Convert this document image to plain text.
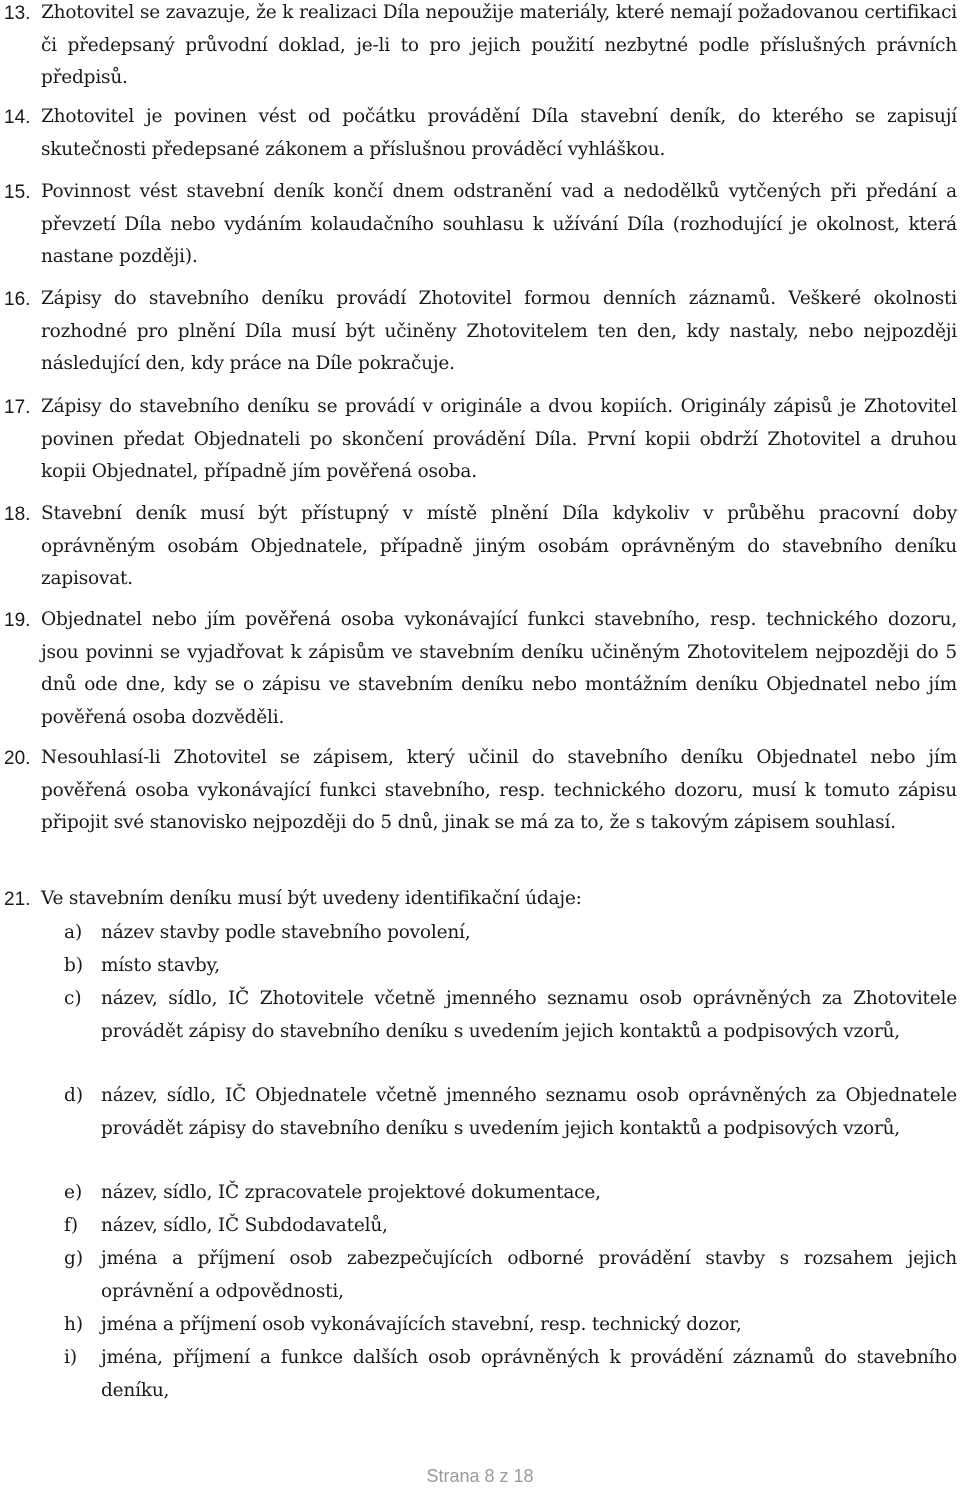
13. Zhotovitel se zavazuje, že k realizaci Díla nepoužije materiály, které nemají požadovanou certifikaci či předepsaný průvodní doklad, je-li to pro jejich použití nezbytné podle příslušných právních předpisů.
14. Zhotovitel je povinen vést od počátku provádění Díla stavební deník, do kterého se zapisují skutečnosti předepsané zákonem a příslušnou prováděcí vyhláškou.
15. Povinnost vést stavební deník končí dnem odstranění vad a nedodělků vytčených při předání a převzetí Díla nebo vydáním kolaudačního souhlasu k užívání Díla (rozhodující je okolnost, která nastane později).
16. Zápisy do stavebního deníku provádí Zhotovitel formou denních záznamů. Veškeré okolnosti rozhodné pro plnění Díla musí být učiněny Zhotovitelem ten den, kdy nastaly, nebo nejpozději následující den, kdy práce na Díle pokračuje.
17. Zápisy do stavebního deníku se provádí v originále a dvou kopiích. Originály zápisů je Zhotovitel povinen předat Objednateli po skončení provádění Díla. První kopii obdrží Zhotovitel a druhou kopii Objednatel, případně jím pověřená osoba.
18. Stavební deník musí být přístupný v místě plnění Díla kdykoliv v průběhu pracovní doby oprávněným osobám Objednatele, případně jiným osobám oprávněným do stavebního deníku zapisovat.
19. Objednatel nebo jím pověřená osoba vykonávající funkci stavebního, resp. technického dozoru, jsou povinni se vyjadřovat k zápisům ve stavebním deníku učiněným Zhotovitelem nejpozději do 5 dnů ode dne, kdy se o zápisu ve stavebním deníku nebo montážním deníku Objednatel nebo jím pověřená osoba dozvěděli.
20. Nesouhlasí-li Zhotovitel se zápisem, který učinil do stavebního deníku Objednatel nebo jím pověřená osoba vykonávající funkci stavebního, resp. technického dozoru, musí k tomuto zápisu připojit své stanovisko nejpozději do 5 dnů, jinak se má za to, že s takovým zápisem souhlasí.
21. Ve stavebním deníku musí být uvedeny identifikační údaje:
a)	název stavby podle stavebního povolení,
b) místo stavby,
c)	název, sídlo, IČ Zhotovitele včetně jmenného seznamu osob oprávněných za Zhotovitele provádět zápisy do stavebního deníku s uvedením jejich kontaktů a podpisových vzorů,
d) název, sídlo, IČ Objednatele včetně jmenného seznamu osob oprávněných za Objednatele provádět zápisy do stavebního deníku s uvedením jejich kontaktů a podpisových vzorů,
e)	název, sídlo, IČ zpracovatele projektové dokumentace,
f)	název, sídlo, IČ Subdodavatelů,
g) jména a příjmení osob zabezpečujících odborné provádění stavby s rozsahem jejich oprávnění a odpovědnosti,
h) jména a příjmení osob vykonávajících stavební, resp. technický dozor,
i)	jména, příjmení a funkce dalších osob oprávněných k provádění záznamů do stavebního deníku,
Strana 8 z 18
